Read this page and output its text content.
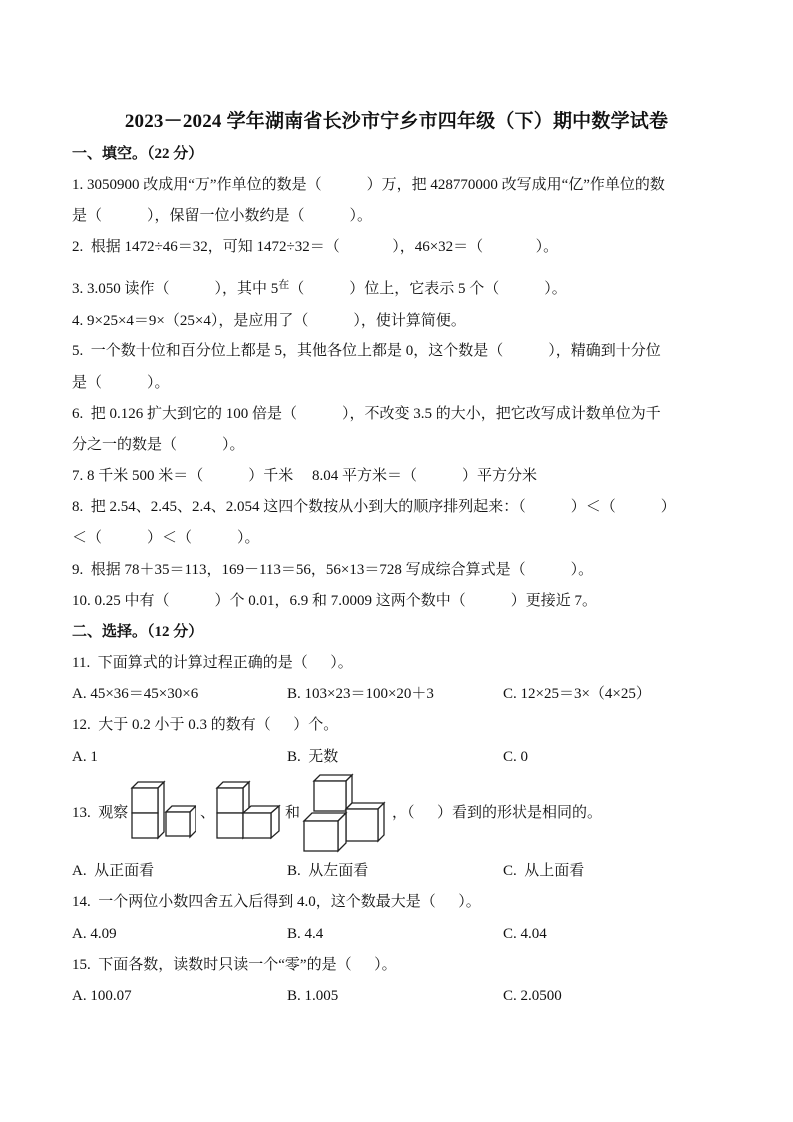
2023－2024 学年湖南省长沙市宁乡市四年级（下）期中数学试卷
一、填空。（22 分）
1. 3050900 改成用“万”作单位的数是（            ）万，把 428770000 改写成用“亿”作单位的数
是（            ），保留一位小数约是（            ）。
2.  根据 1472÷46＝32，可知 1472÷32＝（              ），46×32＝（              ）。
3. 3.050 读作（            ），其中 $5^在$（            ）位上，它表示 5 个（            ）。
4. 9×25×4＝9×（25×4），是应用了（            ），使计算简便。
5.  一个数十位和百分位上都是 5，其他各位上都是 0，这个数是（            ），精确到十分位
是（            ）。
6.  把 0.126 扩大到它的 100 倍是（            ），不改变 3.5 的大小，把它改写成计数单位为千
分之一的数是（            ）。
7. 8 千米 500 米＝（            ）千米     8.04 平方米＝（            ）平方分米
8.  把 2.54、2.45、2.4、2.054 这四个数按从小到大的顺序排列起来：（            ）＜（            ）
＜（            ）＜（            ）。
9.  根据 78＋35＝113，169－113＝56，56×13＝728 写成综合算式是（            ）。
10. 0.25 中有（            ）个 0.01，6.9 和 7.0009 这两个数中（            ）更接近 7。
二、选择。（12 分）
11.  下面算式的计算过程正确的是（      ）。
A. 45×36＝45×30×6	B. 103×23＝100×20＋3	C. 12×25＝3×（4×25）
12.  大于 0.2 小于 0.3 的数有（      ）个。
A. 1	B.  无数	C. 0
13.  观察	、	和	，（      ）看到的形状是相同的。
A.  从正面看	B.  从左面看	C.  从上面看
14.  一个两位小数四舍五入后得到 4.0，这个数最大是（      ）。
A. 4.09	B. 4.4	C. 4.04
15.  下面各数，读数时只读一个“零”的是（      ）。
A. 100.07	B. 1.005	C. 2.0500
